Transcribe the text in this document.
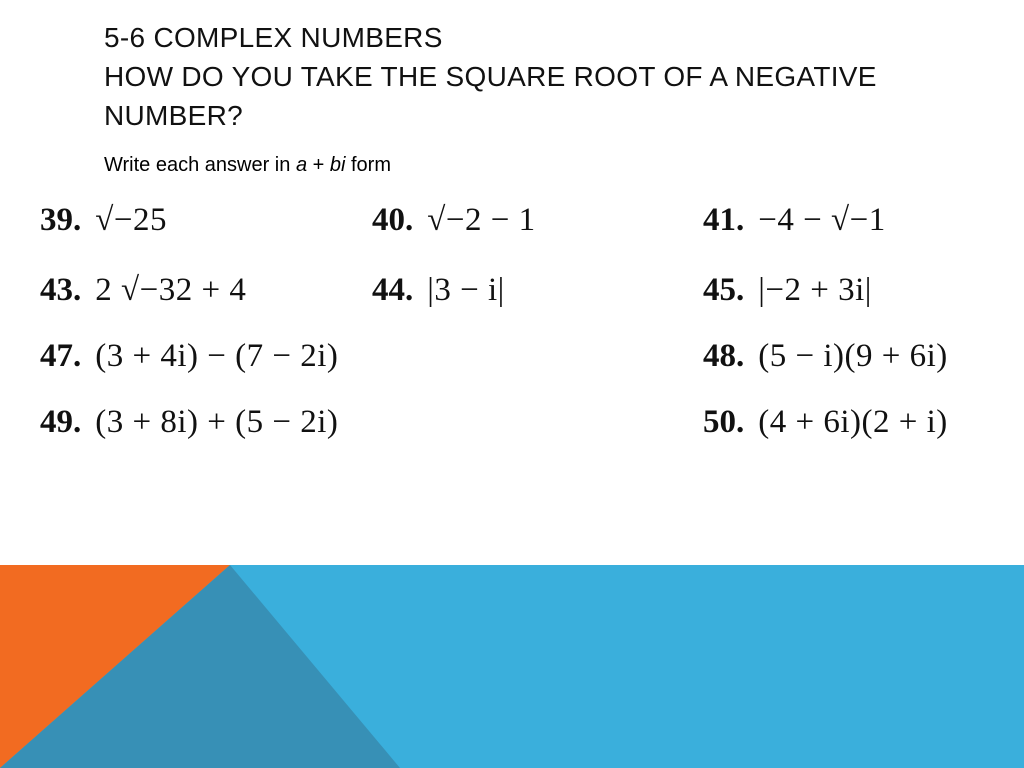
5-6 COMPLEX NUMBERS
HOW DO YOU TAKE THE SQUARE ROOT OF A NEGATIVE NUMBER?
Write each answer in a + bi form
39. √−25	40. √−2 − 1	41. −4 − √−1
43. 2 √−32 + 4	44. |3 − i|	45. |−2 + 3i|
47. (3 + 4i) − (7 − 2i)	48. (5 − i)(9 + 6i)
49. (3 + 8i) + (5 − 2i)	50. (4 + 6i)(2 + i)
